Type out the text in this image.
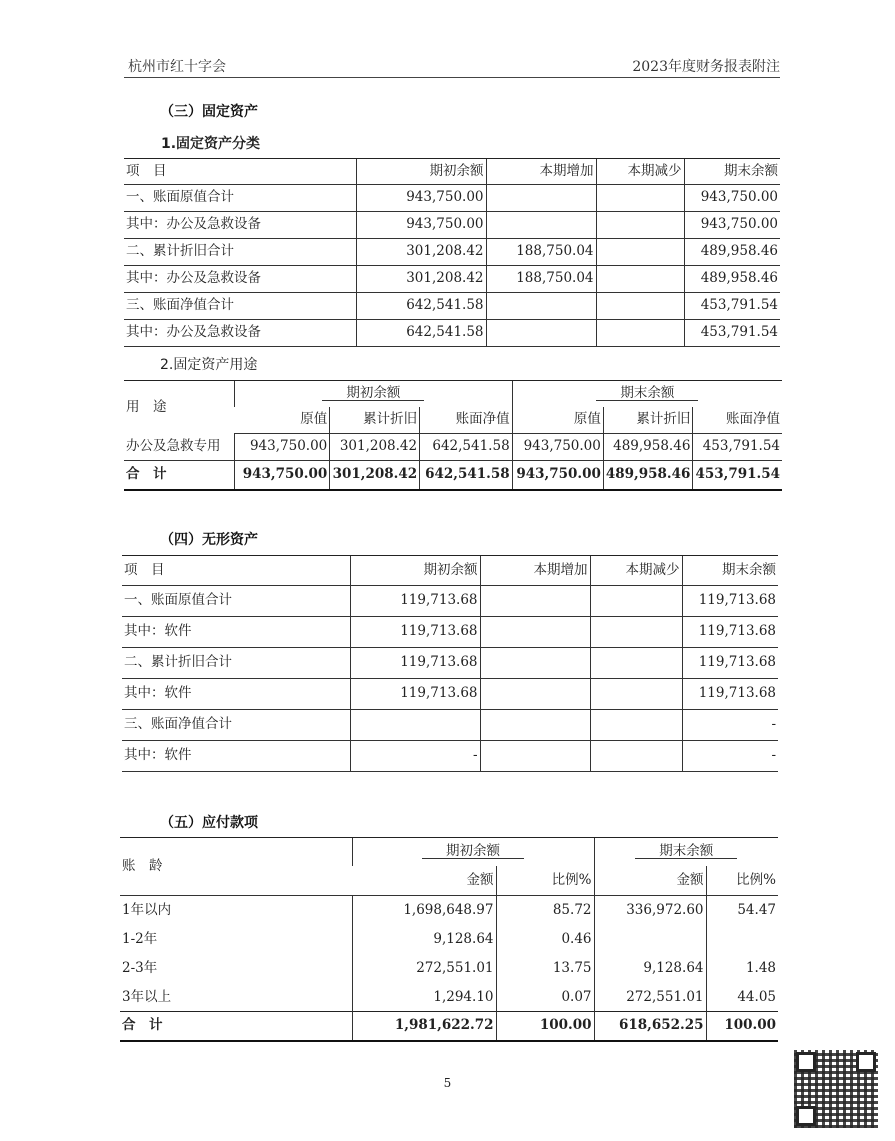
杭州市红十字会	2023年度财务报表附注
（三）固定资产
1.固定资产分类
项　目	期初余额	本期增加	本期减少	期末余额
一、账面原值合计	943,750.00			943,750.00
其中：办公及急救设备	943,750.00			943,750.00
二、累计折旧合计	301,208.42	188,750.04		489,958.46
其中：办公及急救设备	301,208.42	188,750.04		489,958.46
三、账面净值合计	642,541.58			453,791.54
其中：办公及急救设备	642,541.58			453,791.54
2.固定资产用途
用　途	期初余额			期末余额		
	原值	累计折旧	账面净值	原值	累计折旧	账面净值
办公及急救专用	943,750.00	301,208.42	642,541.58	943,750.00	489,958.46	453,791.54
合　计	943,750.00	301,208.42	642,541.58	943,750.00	489,958.46	453,791.54
（四）无形资产
项　目	期初余额	本期增加	本期减少	期末余额
一、账面原值合计	119,713.68			119,713.68
其中：软件	119,713.68			119,713.68
二、累计折旧合计	119,713.68			119,713.68
其中：软件	119,713.68			119,713.68
三、账面净值合计				-
其中：软件	-			-
（五）应付款项
账　龄	期初余额		期末余额	
	金额	比例%	金额	比例%
1年以内	1,698,648.97	85.72	336,972.60	54.47
1-2年	9,128.64	0.46		
2-3年	272,551.01	13.75	9,128.64	1.48
3年以上	1,294.10	0.07	272,551.01	44.05
合　计	1,981,622.72	100.00	618,652.25	100.00
5
